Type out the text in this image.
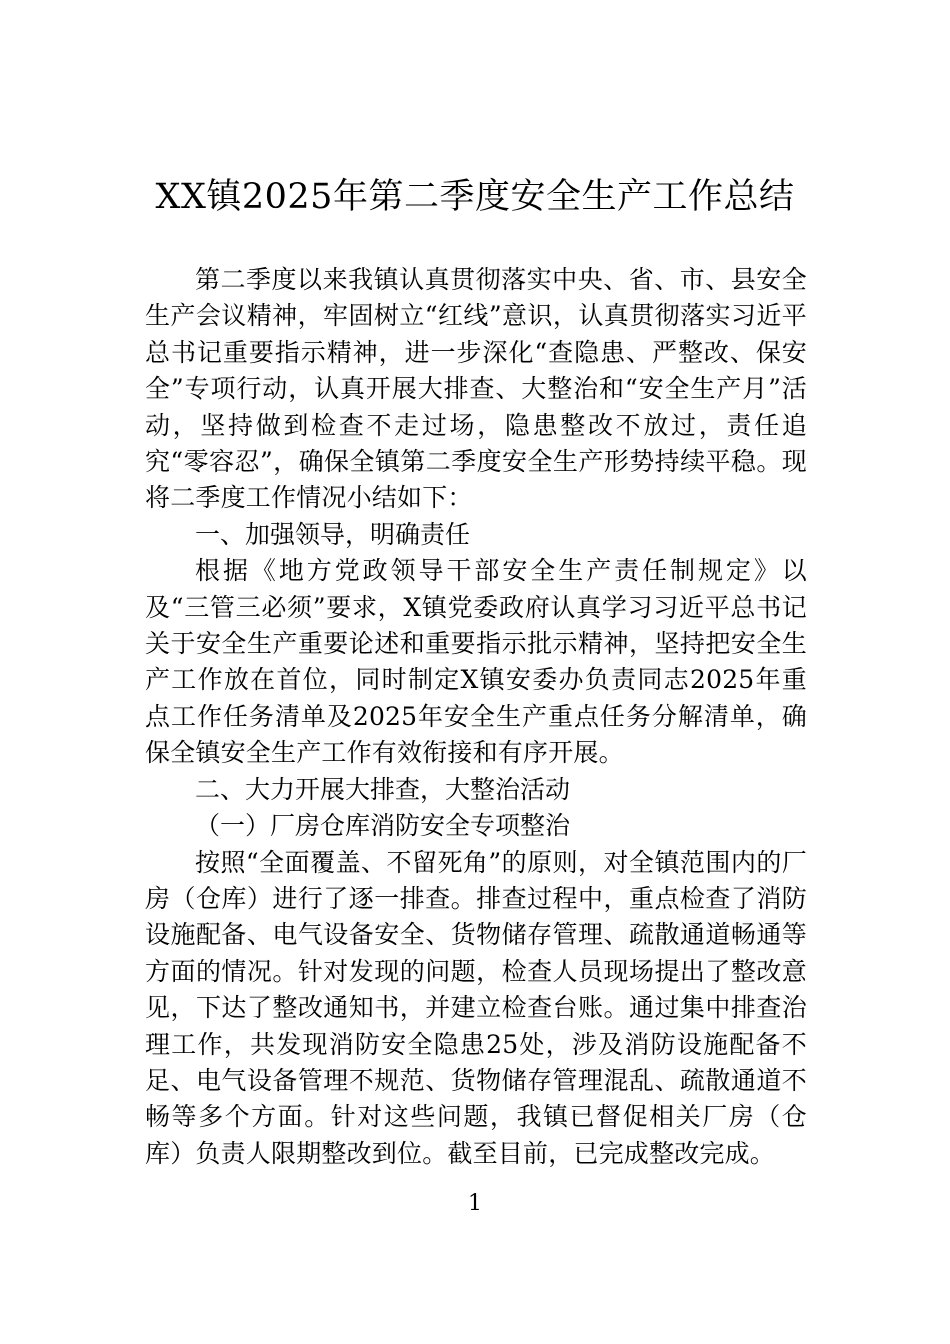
XX镇2025年第二季度安全生产工作总结

第二季度以来我镇认真贯彻落实中央、省、市、县安全生产会议精神，牢固树立“红线”意识，认真贯彻落实习近平总书记重要指示精神，进一步深化“查隐患、严整改、保安全”专项行动，认真开展大排查、大整治和“安全生产月”活动，坚持做到检查不走过场，隐患整改不放过，责任追究“零容忍”，确保全镇第二季度安全生产形势持续平稳。现将二季度工作情况小结如下：

一、加强领导，明确责任

根据《地方党政领导干部安全生产责任制规定》以及“三管三必须”要求，X镇党委政府认真学习习近平总书记关于安全生产重要论述和重要指示批示精神，坚持把安全生产工作放在首位，同时制定X镇安委办负责同志2025年重点工作任务清单及2025年安全生产重点任务分解清单，确保全镇安全生产工作有效衔接和有序开展。

二、大力开展大排查，大整治活动

（一）厂房仓库消防安全专项整治

按照“全面覆盖、不留死角”的原则，对全镇范围内的厂房（仓库）进行了逐一排查。排查过程中，重点检查了消防设施配备、电气设备安全、货物储存管理、疏散通道畅通等方面的情况。针对发现的问题，检查人员现场提出了整改意见，下达了整改通知书，并建立检查台账。通过集中排查治理工作，共发现消防安全隐患25处，涉及消防设施配备不足、电气设备管理不规范、货物储存管理混乱、疏散通道不畅等多个方面。针对这些问题，我镇已督促相关厂房（仓库）负责人限期整改到位。截至目前，已完成整改完成。

1
